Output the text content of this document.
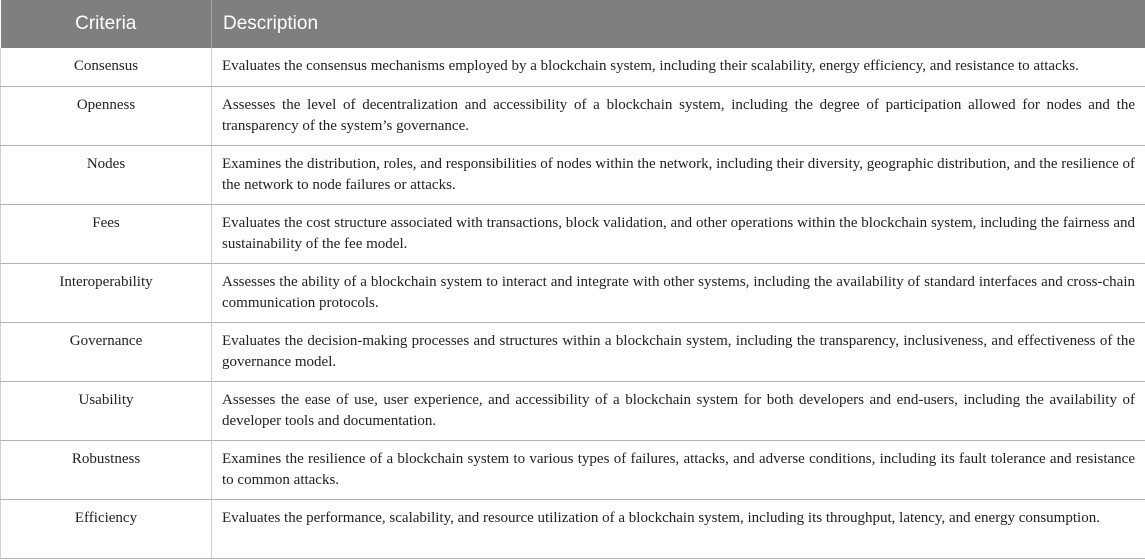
Criteria	Description
Consensus	Evaluates the consensus mechanisms employed by a blockchain system, including their scalability, energy efficiency, and resistance to attacks.
Openness	Assesses the level of decentralization and accessibility of a blockchain system, including the degree of participation allowed for nodes and the transparency of the system’s governance.
Nodes	Examines the distribution, roles, and responsibilities of nodes within the network, including their diversity, geographic distribution, and the resilience of the network to node failures or attacks.
Fees	Evaluates the cost structure associated with transactions, block validation, and other operations within the blockchain system, including the fairness and sustainability of the fee model.
Interoperability	Assesses the ability of a blockchain system to interact and integrate with other systems, including the availability of standard interfaces and cross-chain communication protocols.
Governance	Evaluates the decision-making processes and structures within a blockchain system, including the transparency, inclusiveness, and effectiveness of the governance model.
Usability	Assesses the ease of use, user experience, and accessibility of a blockchain system for both developers and end-users, including the availability of developer tools and documentation.
Robustness	Examines the resilience of a blockchain system to various types of failures, attacks, and adverse conditions, including its fault tolerance and resistance to common attacks.
Efficiency	Evaluates the performance, scalability, and resource utilization of a blockchain system, including its throughput, latency, and energy consumption.
